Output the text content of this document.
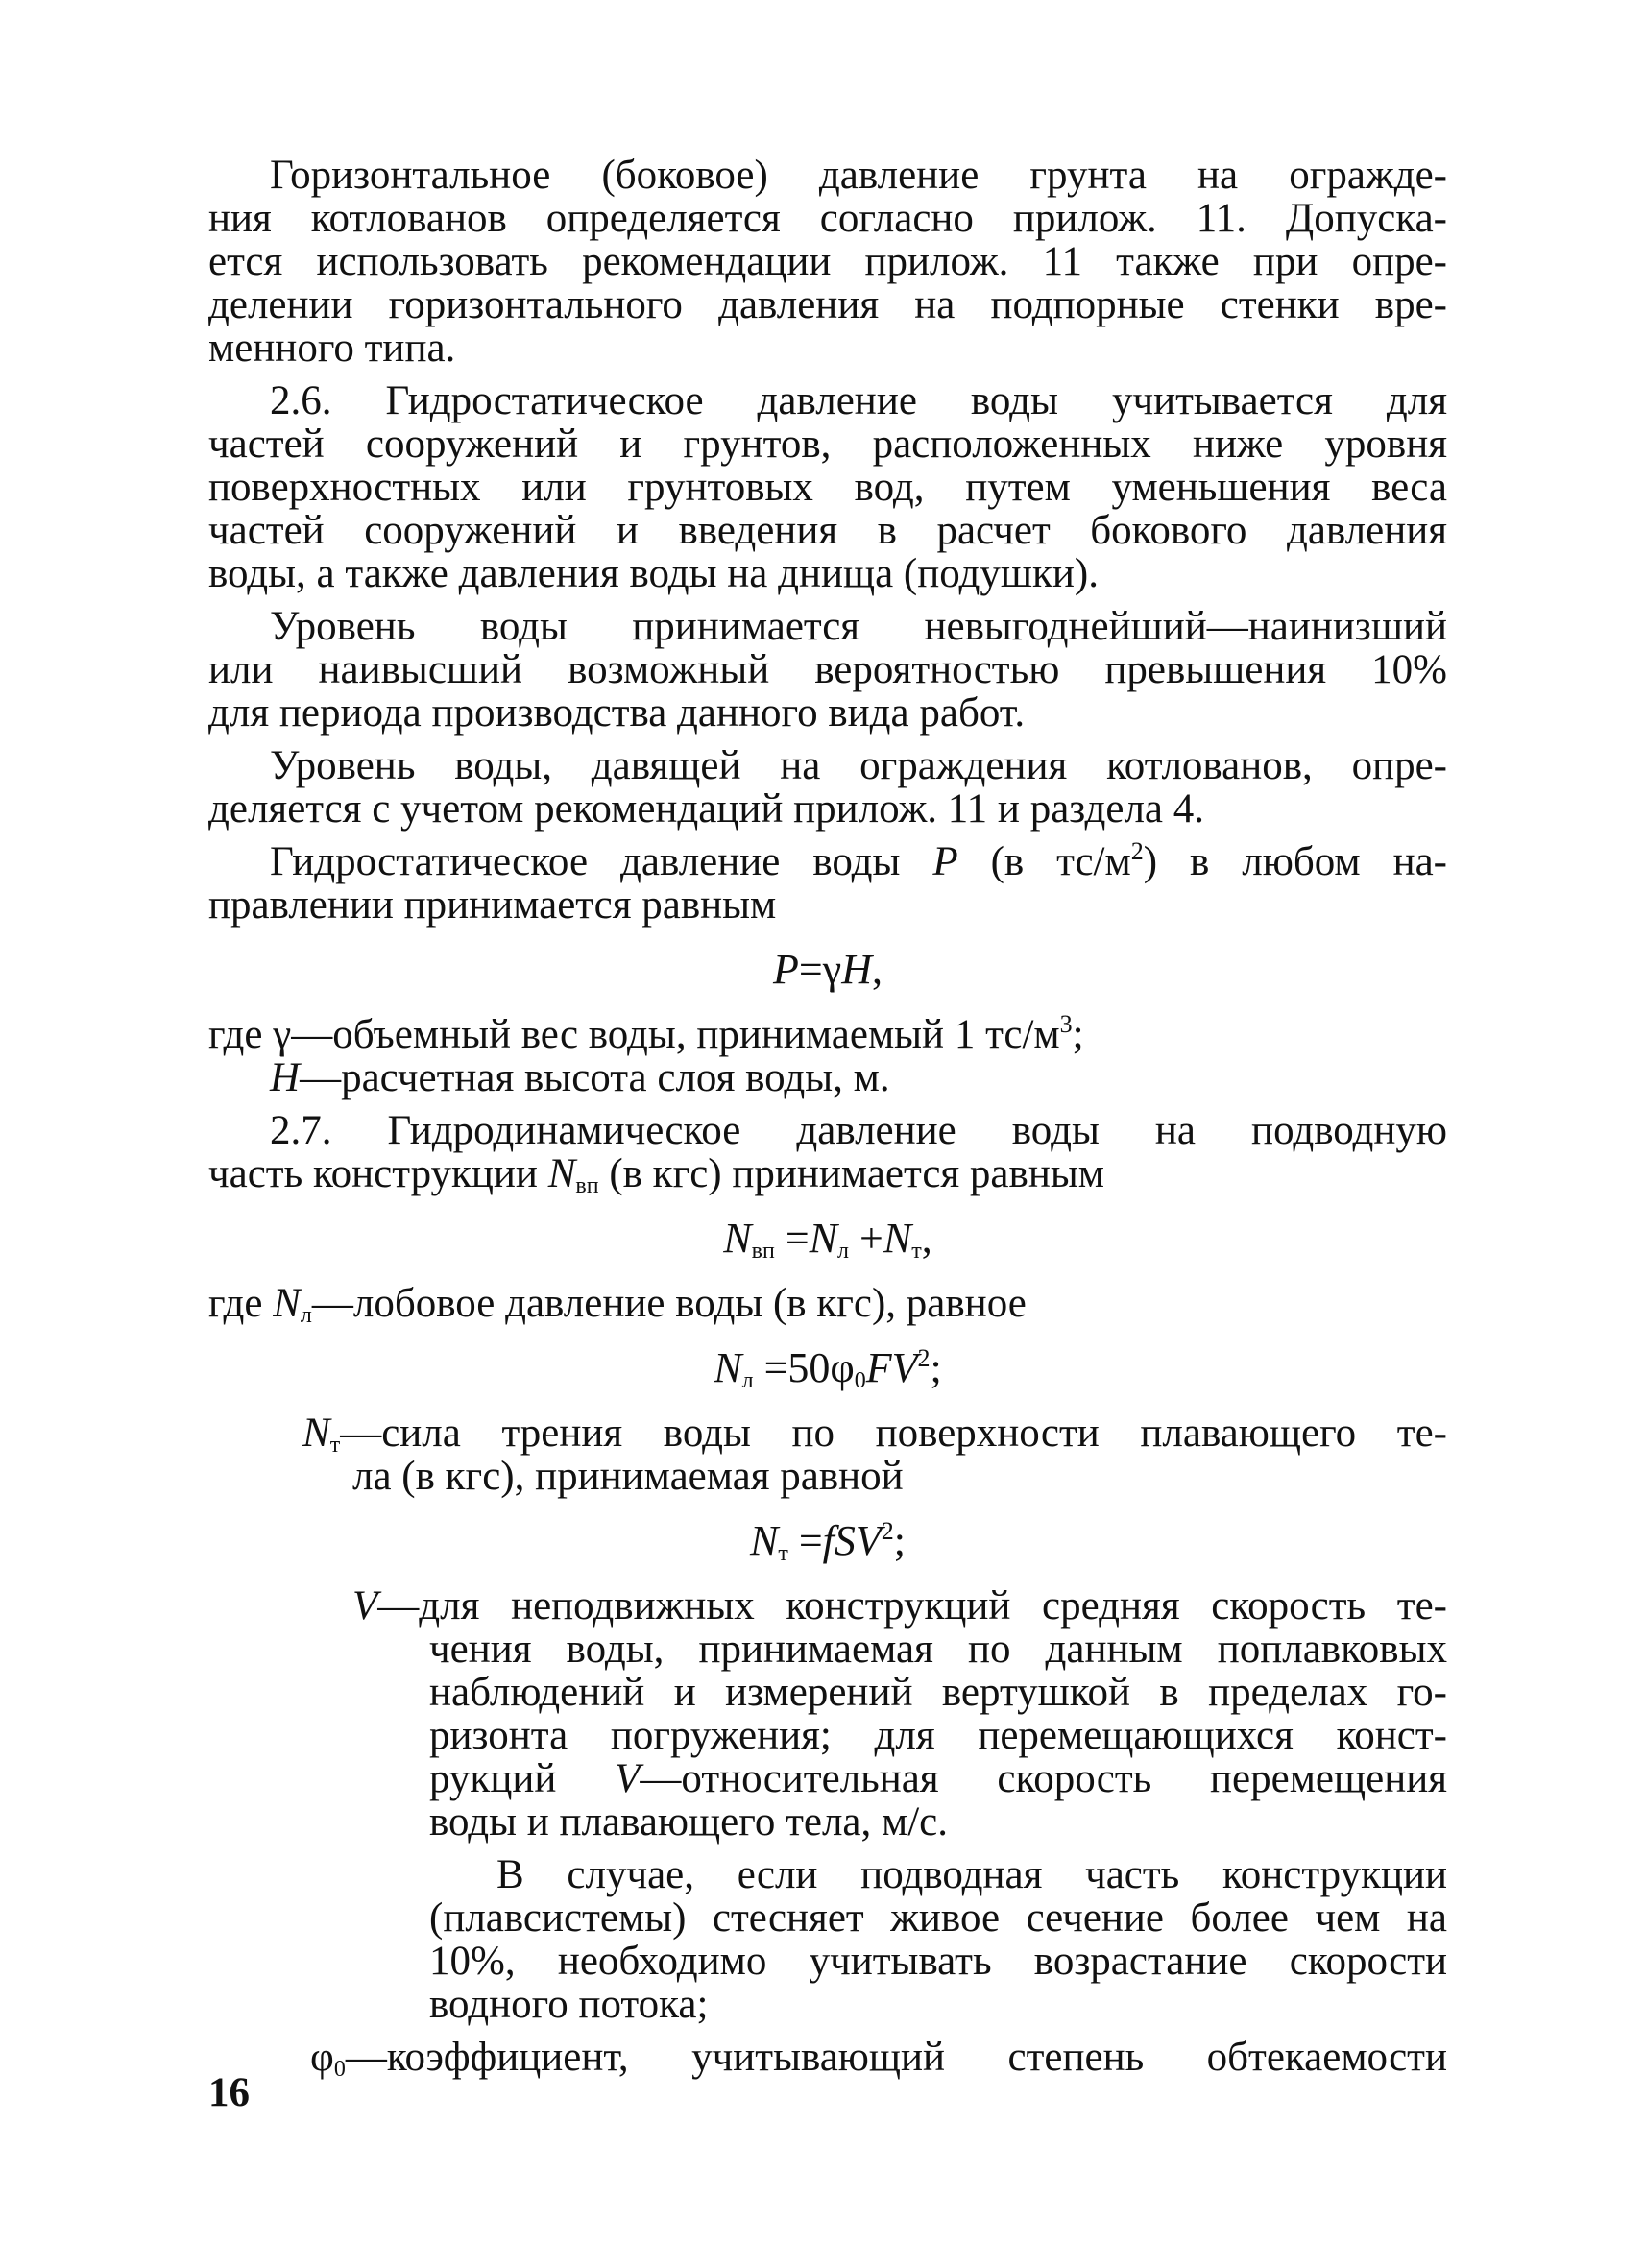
Горизонтальное (боковое) давление грунта на огражде-
ния котлованов определяется согласно прилож. 11. Допуска-
ется использовать рекомендации прилож. 11 также при опре-
делении горизонтального давления на подпорные стенки вре-
менного типа.
2.6. Гидростатическое давление воды учитывается для
частей сооружений и грунтов, расположенных ниже уровня
поверхностных или грунтовых вод, путем уменьшения веса
частей сооружений и введения в расчет бокового давления
воды, а также давления воды на днища (подушки).
Уровень воды принимается невыгоднейший—наинизший
или наивысший возможный вероятностью превышения 10%
для периода производства данного вида работ.
Уровень воды, давящей на ограждения котлованов, опре-
деляется с учетом рекомендаций прилож. 11 и раздела 4.
Гидростатическое давление воды P (в $тс/м^2$) в любом на-
правлении принимается равным
P=γH,
где γ—объемный вес воды, принимаемый 1 $тс/м^3$;
H—расчетная высота слоя воды, м.
2.7. Гидродинамическое давление воды на подводную
часть конструкции $N_{вп}$ (в кгс) принимается равным
$N_{вп} =N_л +N_т$,
где $N_л—лобовое$ давление воды (в кгс), равное
$N_л =50\varphi_0FV^2$;
$N_т—сила$ трения воды по поверхности плавающего те-
ла (в кгс), принимаемая равной
$N_т =fSV^2$;
V—для неподвижных конструкций средняя скорость те-
чения воды, принимаемая по данным поплавковых
наблюдений и измерений вертушкой в пределах го-
ризонта погружения; для перемещающихся конст-
рукций V—относительная скорость перемещения
воды и плавающего тела, м/с.
В случае, если подводная часть конструкции
(плавсистемы) стесняет живое сечение более чем на
10%, необходимо учитывать возрастание скорости
водного потока;
$\varphi_0—коэффициент$, учитывающий степень обтекаемости
16
